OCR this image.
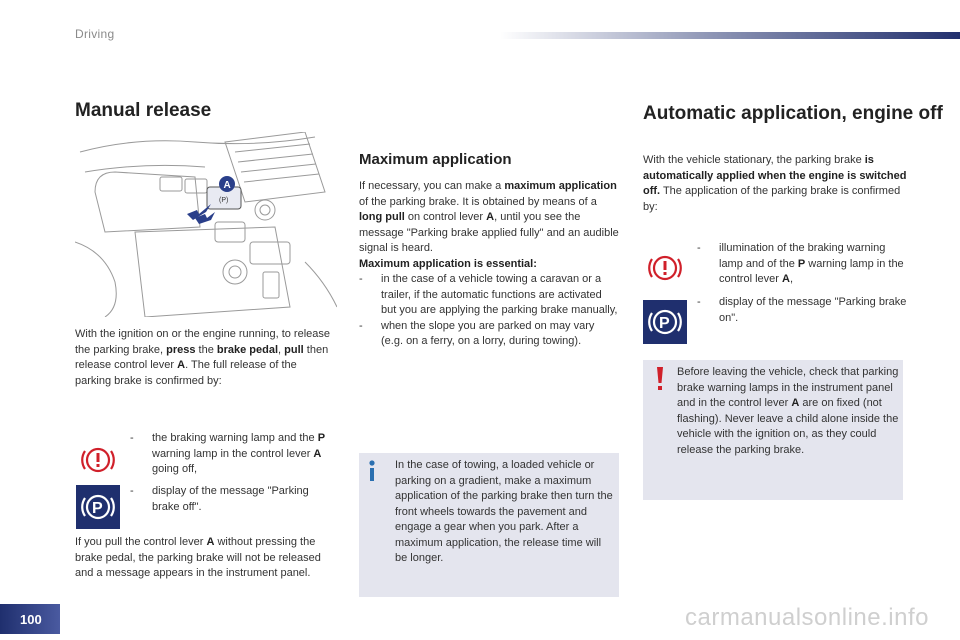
Driving
Manual release
(P)
A
With the ignition on or the engine running, to release the parking brake, press the brake pedal, pull then release control lever A. The full release of the parking brake is confirmed by:
-	the braking warning lamp and the P warning lamp in the control lever A going off,
P
-	display of the message "Parking brake off".
If you pull the control lever A without pressing the brake pedal, the parking brake will not be released and a message appears in the instrument panel.
Maximum application
If necessary, you can make a maximum application of the parking brake. It is obtained by means of a long pull on control lever A, until you see the message "Parking brake applied fully" and an audible signal is heard.
Maximum application is essential:
-	in the case of a vehicle towing a caravan or a trailer, if the automatic functions are activated but you are applying the parking brake manually,
-	when the slope you are parked on may vary (e.g. on a ferry, on a lorry, during towing).
In the case of towing, a loaded vehicle or parking on a gradient, make a maximum application of the parking brake then turn the front wheels towards the pavement and engage a gear when you park. After a maximum application, the release time will be longer.
Automatic application, engine off
With the vehicle stationary, the parking brake is automatically applied when the engine is switched off. The application of the parking brake is confirmed by:
-	illumination of the braking warning lamp and of the P warning lamp in the control lever A,
P
-	display of the message "Parking brake on".
Before leaving the vehicle, check that parking brake warning lamps in the instrument panel and in the control lever A are on fixed (not flashing). Never leave a child alone inside the vehicle with the ignition on, as they could release the parking brake.
100	carmanualsonline.info
